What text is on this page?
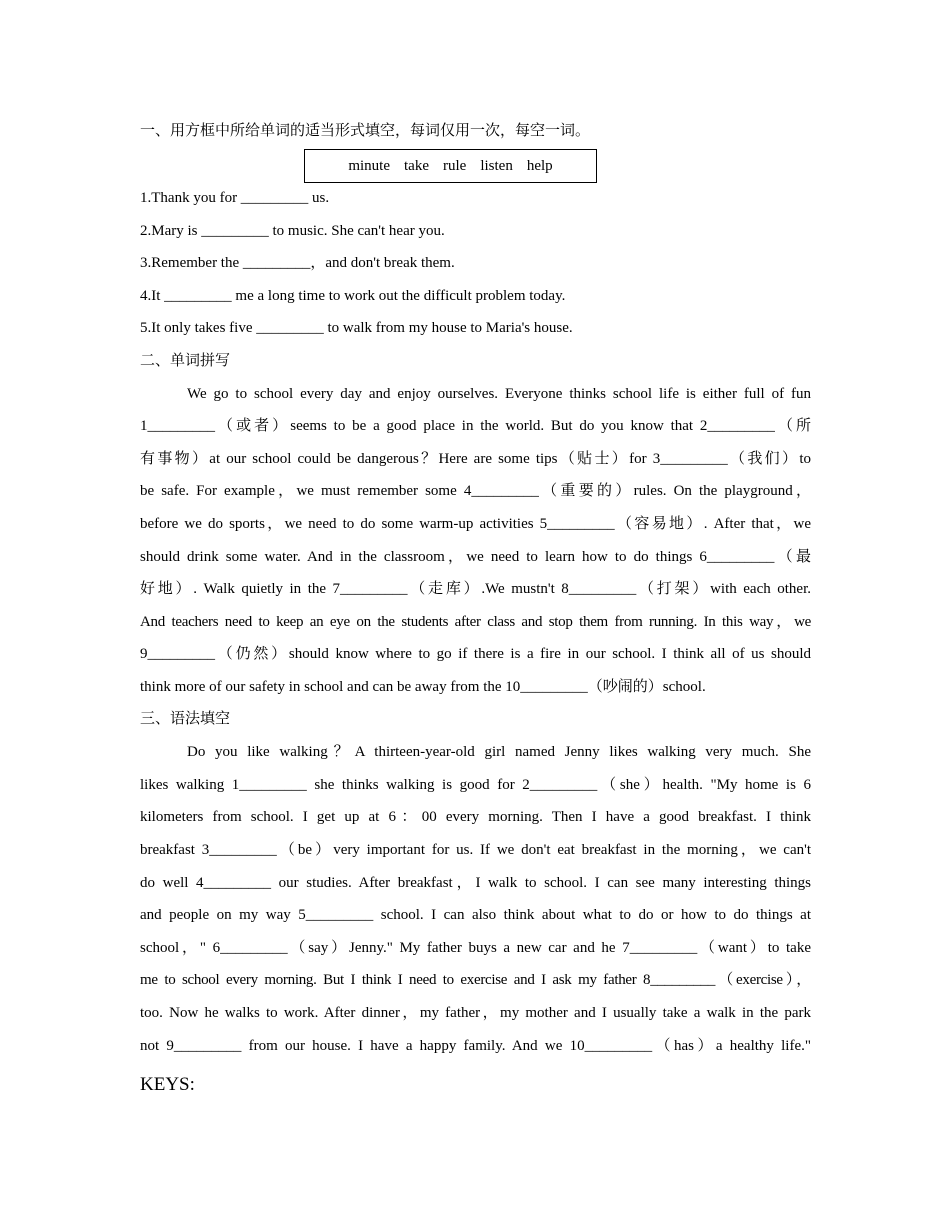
一、用方框中所给单词的适当形式填空，每词仅用一次，每空一词。
minute take rule listen help
1.Thank you for _________ us.
2.Mary is _________ to music. She can't hear you.
3.Remember the _________，and don't break them.
4.It _________ me a long time to work out the difficult problem today.
5.It only takes five _________ to walk from my house to Maria's house.
二、单词拼写
We go to school every day and enjoy ourselves. Everyone thinks school life is either full of fun
1_________（或者）seems to be a good place in the world. But do you know that 2_________（所
有事物）at our school could be dangerous？Here are some tips（贴士）for 3_________（我们）to
be safe. For example，we must remember some 4_________（重要的）rules. On the playground，
before we do sports，we need to do some warm-up activities 5_________（容易地）. After that，we
should drink some water. And in the classroom，we need to learn how to do things 6_________（最
好地）. Walk quietly in the 7_________（走库）.We mustn't 8_________（打架）with each other.
And teachers need to keep an eye on the students after class and stop them from running. In this way，we
9_________（仍然）should know where to go if there is a fire in our school. I think all of us should
think more of our safety in school and can be away from the 10_________（吵闹的）school.
三、语法填空
Do you like walking？A thirteen-year-old girl named Jenny likes walking very much. She
likes walking 1_________ she thinks walking is good for 2_________（she）health. "My home is 6
kilometers from school. I get up at 6：00 every morning. Then I have a good breakfast. I think
breakfast 3_________（be）very important for us. If we don't eat breakfast in the morning，we can't
do well 4_________ our studies. After breakfast，I walk to school. I can see many interesting things
and people on my way 5_________ school. I can also think about what to do or how to do things at
school，" 6_________（say）Jenny." My father buys a new car and he 7_________（want）to take
me to school every morning. But I think I need to exercise and I ask my father 8_________（exercise），
too. Now he walks to work. After dinner，my father，my mother and I usually take a walk in the park
not 9_________ from our house. I have a happy family. And we 10_________（has）a healthy life."
KEYS:
